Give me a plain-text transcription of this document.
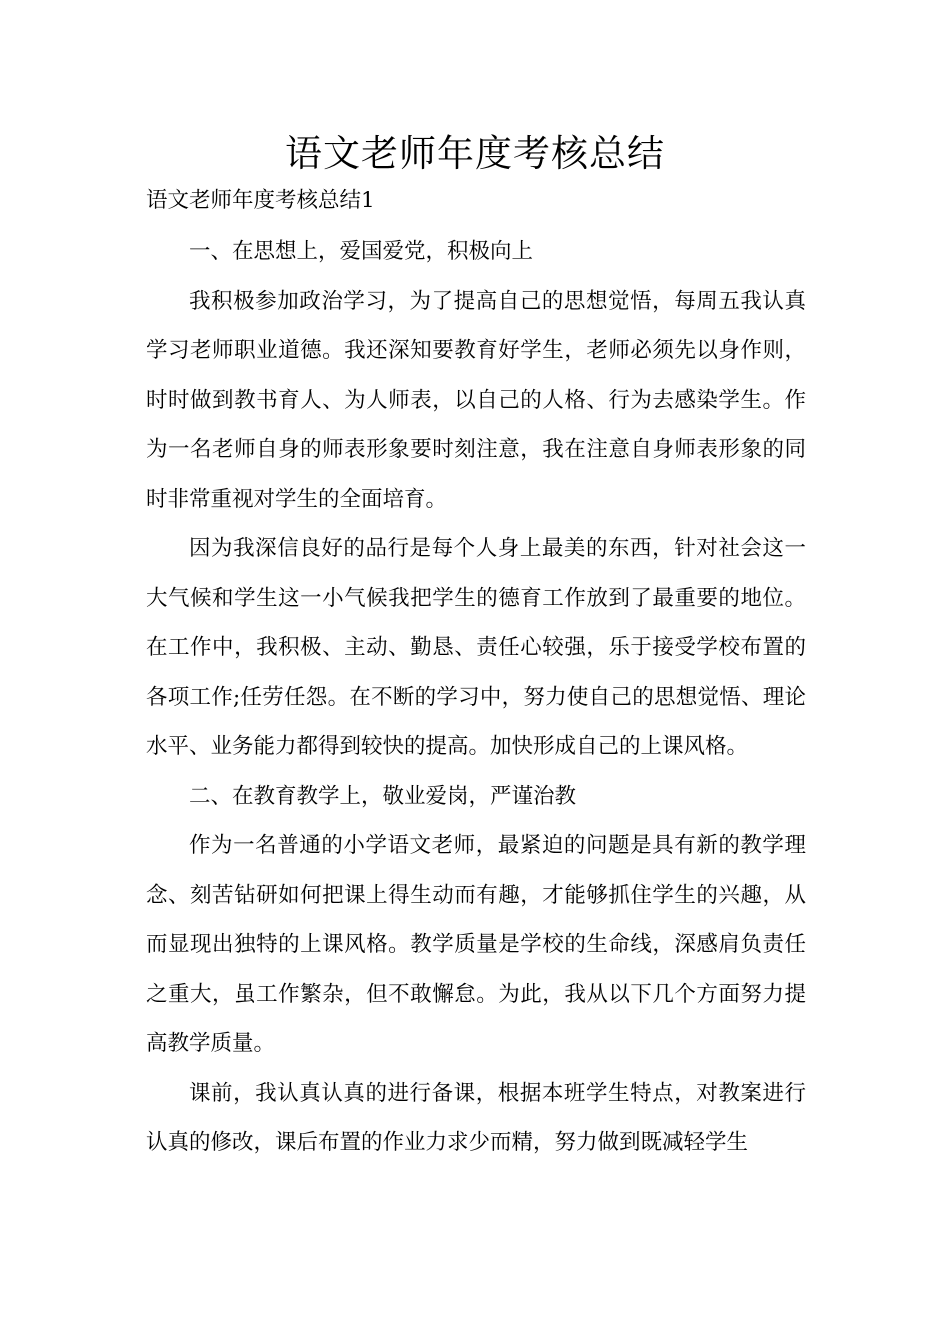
语文老师年度考核总结

语文老师年度考核总结1

一、在思想上，爱国爱党，积极向上

我积极参加政治学习，为了提高自己的思想觉悟，每周五我认真学习老师职业道德。我还深知要教育好学生，老师必须先以身作则，时时做到教书育人、为人师表，以自己的人格、行为去感染学生。作为一名老师自身的师表形象要时刻注意，我在注意自身师表形象的同时非常重视对学生的全面培育。

因为我深信良好的品行是每个人身上最美的东西，针对社会这一大气候和学生这一小气候我把学生的德育工作放到了最重要的地位。在工作中，我积极、主动、勤恳、责任心较强，乐于接受学校布置的各项工作;任劳任怨。在不断的学习中，努力使自己的思想觉悟、理论水平、业务能力都得到较快的提高。加快形成自己的上课风格。

二、在教育教学上，敬业爱岗，严谨治教

作为一名普通的小学语文老师，最紧迫的问题是具有新的教学理念、刻苦钻研如何把课上得生动而有趣，才能够抓住学生的兴趣，从而显现出独特的上课风格。教学质量是学校的生命线，深感肩负责任之重大，虽工作繁杂，但不敢懈怠。为此，我从以下几个方面努力提高教学质量。

课前，我认真认真的进行备课，根据本班学生特点，对教案进行认真的修改，课后布置的作业力求少而精，努力做到既减轻学生
